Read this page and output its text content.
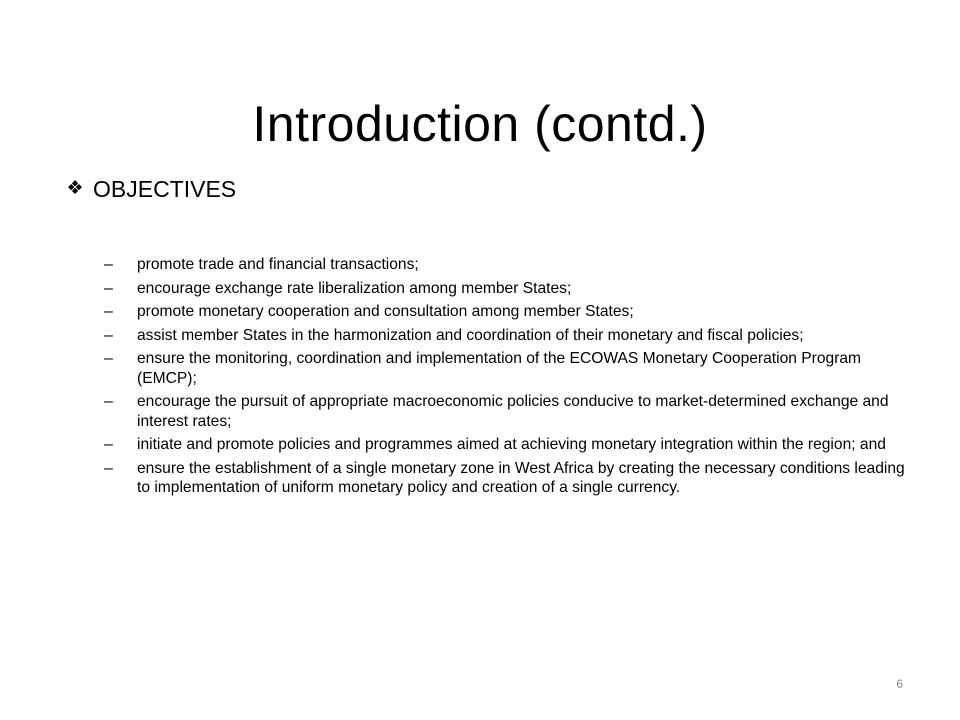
Introduction (contd.)
❖ OBJECTIVES
–	promote trade and financial transactions;
–	encourage exchange rate liberalization among member States;
–	promote monetary cooperation and consultation among member States;
–	assist member States in the harmonization and coordination of their monetary and fiscal policies;
–	ensure the monitoring, coordination and implementation of the ECOWAS Monetary Cooperation Program (EMCP);
–	encourage the pursuit of appropriate macroeconomic policies conducive to market-determined exchange and interest rates;
–	initiate and promote policies and programmes aimed at achieving monetary integration within the region; and
–	ensure the establishment of a single monetary zone in West Africa by creating the necessary conditions leading to implementation of uniform monetary policy and creation of a single currency.
6
